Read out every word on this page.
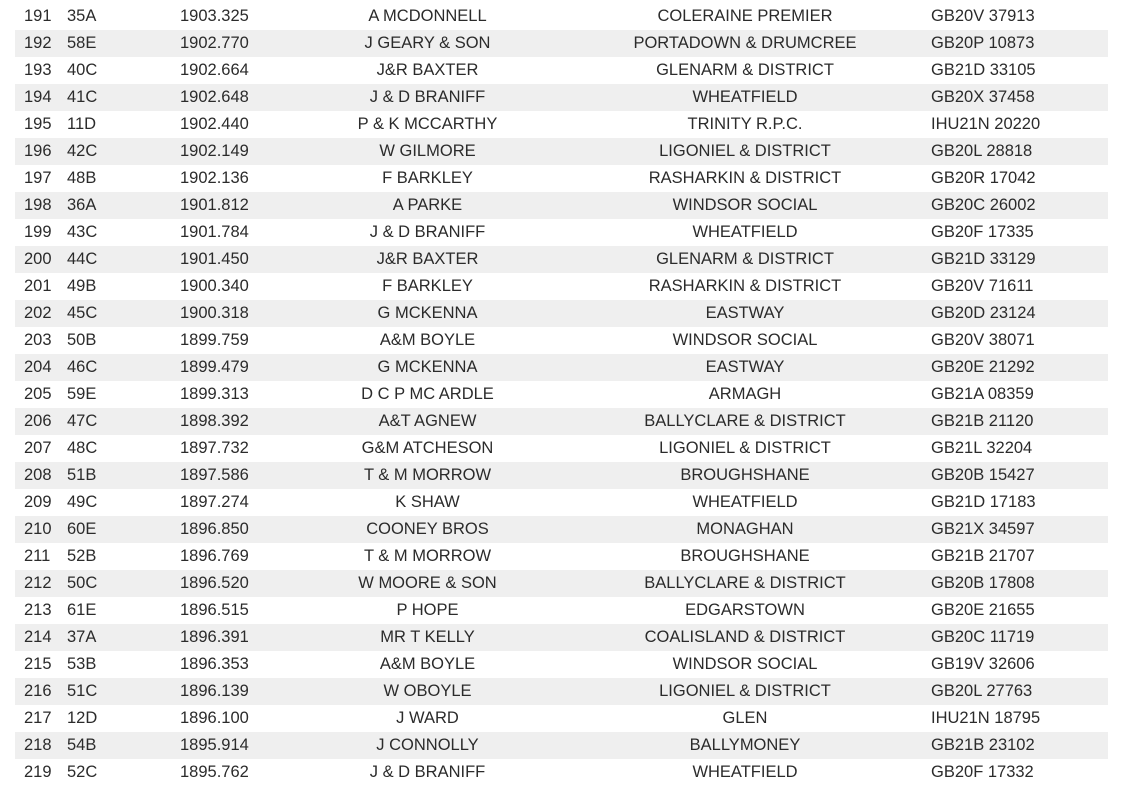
191 35A	1903.325	A MCDONNELL	COLERAINE PREMIER	GB20V 37913
192 58E	1902.770	J GEARY & SON	PORTADOWN & DRUMCREE	GB20P 10873
193 40C	1902.664	J&R BAXTER	GLENARM & DISTRICT	GB21D 33105
194 41C	1902.648	J & D BRANIFF	WHEATFIELD	GB20X 37458
195 11D	1902.440	P & K MCCARTHY	TRINITY R.P.C.	IHU21N 20220
196 42C	1902.149	W GILMORE	LIGONIEL & DISTRICT	GB20L 28818
197 48B	1902.136	F BARKLEY	RASHARKIN & DISTRICT	GB20R 17042
198 36A	1901.812	A PARKE	WINDSOR SOCIAL	GB20C 26002
199 43C	1901.784	J & D BRANIFF	WHEATFIELD	GB20F 17335
200 44C	1901.450	J&R BAXTER	GLENARM & DISTRICT	GB21D 33129
201 49B	1900.340	F BARKLEY	RASHARKIN & DISTRICT	GB20V 71611
202 45C	1900.318	G MCKENNA	EASTWAY	GB20D 23124
203 50B	1899.759	A&M BOYLE	WINDSOR SOCIAL	GB20V 38071
204 46C	1899.479	G MCKENNA	EASTWAY	GB20E 21292
205 59E	1899.313	D C P MC ARDLE	ARMAGH	GB21A 08359
206 47C	1898.392	A&T AGNEW	BALLYCLARE & DISTRICT	GB21B 21120
207 48C	1897.732	G&M ATCHESON	LIGONIEL & DISTRICT	GB21L 32204
208 51B	1897.586	T & M MORROW	BROUGHSHANE	GB20B 15427
209 49C	1897.274	K SHAW	WHEATFIELD	GB21D 17183
210 60E	1896.850	COONEY BROS	MONAGHAN	GB21X 34597
211 52B	1896.769	T & M MORROW	BROUGHSHANE	GB21B 21707
212 50C	1896.520	W MOORE & SON	BALLYCLARE & DISTRICT	GB20B 17808
213 61E	1896.515	P HOPE	EDGARSTOWN	GB20E 21655
214 37A	1896.391	MR T KELLY	COALISLAND & DISTRICT	GB20C 11719
215 53B	1896.353	A&M BOYLE	WINDSOR SOCIAL	GB19V 32606
216 51C	1896.139	W OBOYLE	LIGONIEL & DISTRICT	GB20L 27763
217 12D	1896.100	J WARD	GLEN	IHU21N 18795
218 54B	1895.914	J CONNOLLY	BALLYMONEY	GB21B 23102
219 52C	1895.762	J & D BRANIFF	WHEATFIELD	GB20F 17332
